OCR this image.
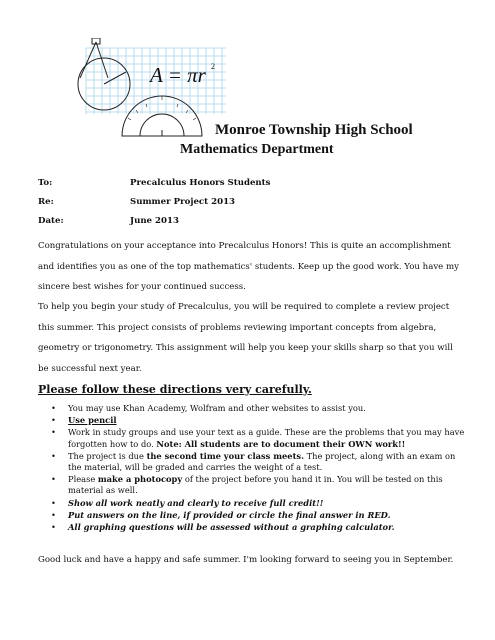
A = πr 2
Monroe Township High School
Mathematics Department
To:	Precalculus Honors Students
Re:	Summer Project 2013
Date:	June 2013
Congratulations on your acceptance into Precalculus Honors! This is quite an accomplishment and identifies you as one of the top mathematics' students. Keep up the good work. You have my sincere best wishes for your continued success.
To help you begin your study of Precalculus, you will be required to complete a review project this summer. This project consists of problems reviewing important concepts from algebra, geometry or trigonometry. This assignment will help you keep your skills sharp so that you will be successful next year.
Please follow these directions very carefully.
• You may use Khan Academy, Wolfram and other websites to assist you.
• Use pencil
• Work in study groups and use your text as a guide. These are the problems that you may have forgotten how to do. Note: All students are to document their OWN work!!
• The project is due the second time your class meets. The project, along with an exam on the material, will be graded and carries the weight of a test.
• Please make a photocopy of the project before you hand it in. You will be tested on this material as well.
• Show all work neatly and clearly to receive full credit!!
• Put answers on the line, if provided or circle the final answer in RED.
• All graphing questions will be assessed without a graphing calculator.
Good luck and have a happy and safe summer. I'm looking forward to seeing you in September.
